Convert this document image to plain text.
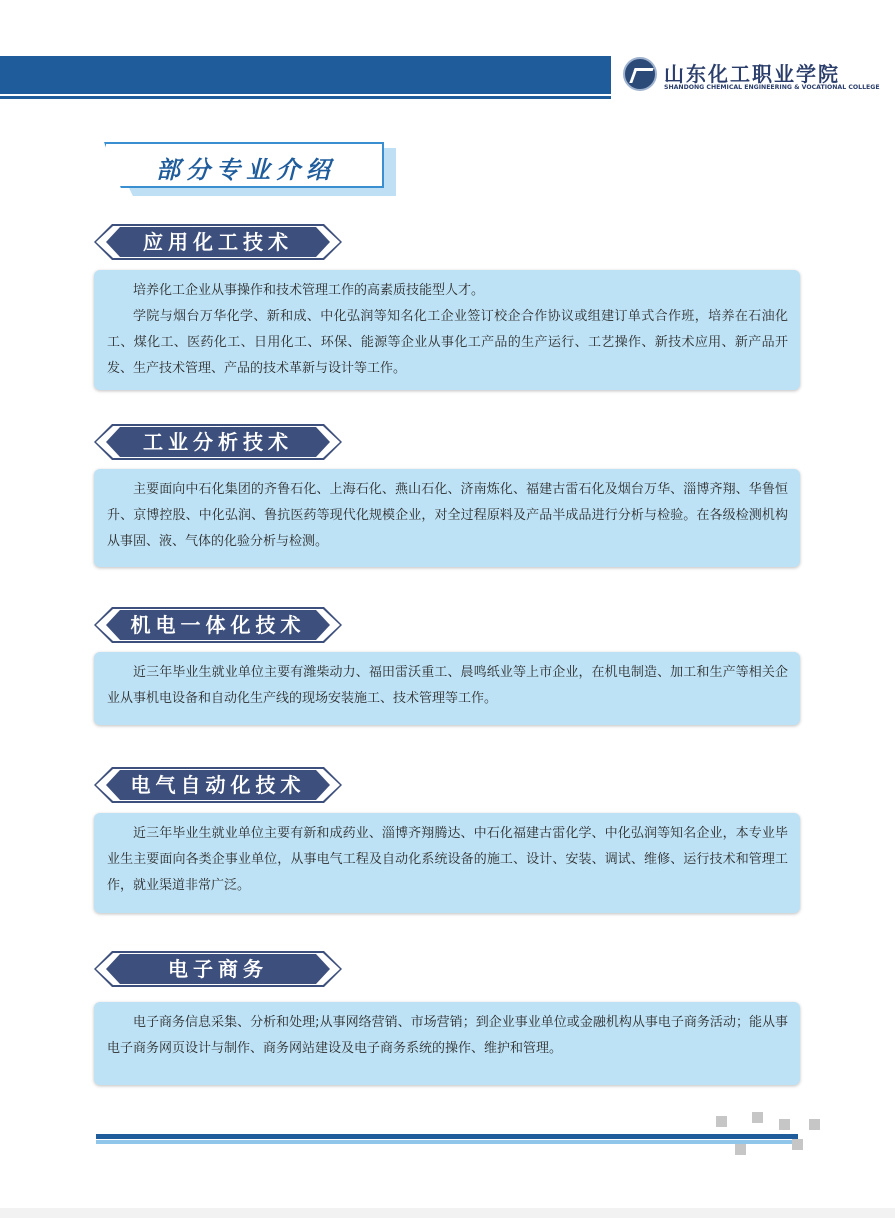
山东化工职业学院
SHANDONG CHEMICAL ENGINEERING & VOCATIONAL COLLEGE
部分专业介绍
应用化工技术

培养化工企业从事操作和技术管理工作的高素质技能型人才。

学院与烟台万华化学、新和成、中化弘润等知名化工企业签订校企合作协议或组建订单式合作班，培养在石油化工、煤化工、医药化工、日用化工、环保、能源等企业从事化工产品的生产运行、工艺操作、新技术应用、新产品开发、生产技术管理、产品的技术革新与设计等工作。

工业分析技术

主要面向中石化集团的齐鲁石化、上海石化、燕山石化、济南炼化、福建古雷石化及烟台万华、淄博齐翔、华鲁恒升、京博控股、中化弘润、鲁抗医药等现代化规模企业，对全过程原料及产品半成品进行分析与检验。在各级检测机构从事固、液、气体的化验分析与检测。

机电一体化技术

近三年毕业生就业单位主要有潍柴动力、福田雷沃重工、晨鸣纸业等上市企业，在机电制造、加工和生产等相关企业从事机电设备和自动化生产线的现场安装施工、技术管理等工作。

电气自动化技术

近三年毕业生就业单位主要有新和成药业、淄博齐翔腾达、中石化福建古雷化学、中化弘润等知名企业，本专业毕业生主要面向各类企事业单位，从事电气工程及自动化系统设备的施工、设计、安装、调试、维修、运行技术和管理工作，就业渠道非常广泛。

电子商务

电子商务信息采集、分析和处理;从事网络营销、市场营销；到企业事业单位或金融机构从事电子商务活动；能从事电子商务网页设计与制作、商务网站建设及电子商务系统的操作、维护和管理。
